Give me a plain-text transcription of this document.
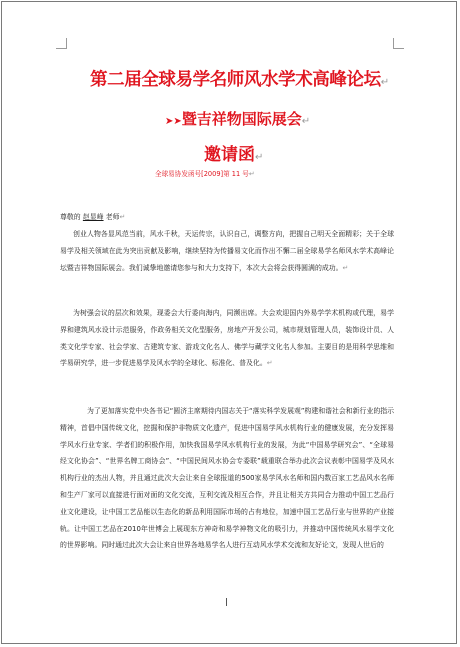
第二届全球易学名师风水学术高峰论坛↵
➤➤暨吉祥物国际展会↵
邀请函↵
全球易协发函号[2009]第 11 号↵
尊敬的 赵显峰 老师↵
创业人物各显风范当前，风水千秋，天运传宗，认识自己，调整方向，把握自己明天全面精彩；关于全球易学及相关领域在此为突出贡献及影响，继续坚持为传播易文化而作出不懈二届全球易学名师风水学术高峰论坛暨吉祥物国际展会。我们诚挚地邀请您参与和大力支持下，本次大会将会获得圆满的成功。↵
为树强会议的层次和效果，现委会大行委向海内，同濒出席。大会欢迎国内外易学学术机构或代理，易学界和建筑风水设计示范服务，作政务相关文化型服务，房地产开发公司，城市规划管理人员，装饰设计员、人类文化学专家、社会学家、古建筑专家、游戏文化名人、佛学与藏学文化名人参加。主要目的是用科学思维和学易研究学，进一步促进易学及风水学的全球化、标准化、普及化。↵
为了更加落实党中央各书记“圆济主席期待内国志关于“落实科学发展观”构建和谐社会和新行业的指示精神，首倡中国传统文化，挖掘和保护非物质文化遗产，促进中国易学风水机构行业的健康发展，充分发挥易学风水行业专家、学者们的积极作用，加快我国易学风水机构行业的发展，为此“中国易学研究会”、“全球易经文化协会”、“世界名牌工商协会”、“中国民间风水协会专委联”载重联合举办此次会议表彰中国易学及风水机构行业的杰出人物，并且通过此次大会让来自全球报道的500家易学风水名师和国内数百家工艺品风水名师和生产厂家可以直接进行面对面的文化交流，互利交流及相互合作，并且让相关方共同合力推动中国工艺品行业文化建设，让中国工艺品能以生态化的新品利用国际市场的占有地位，加速中国工艺品行业与世界的产业接轨。让中国工艺品在2010年世博会上展现东方神奇和易学神物文化的吸引力，并推动中国传统风水易学文化的世界影响。同时通过此次大会让来自世界各地易学名人进行互动风水学术交流和友好论文，发现人世后的
